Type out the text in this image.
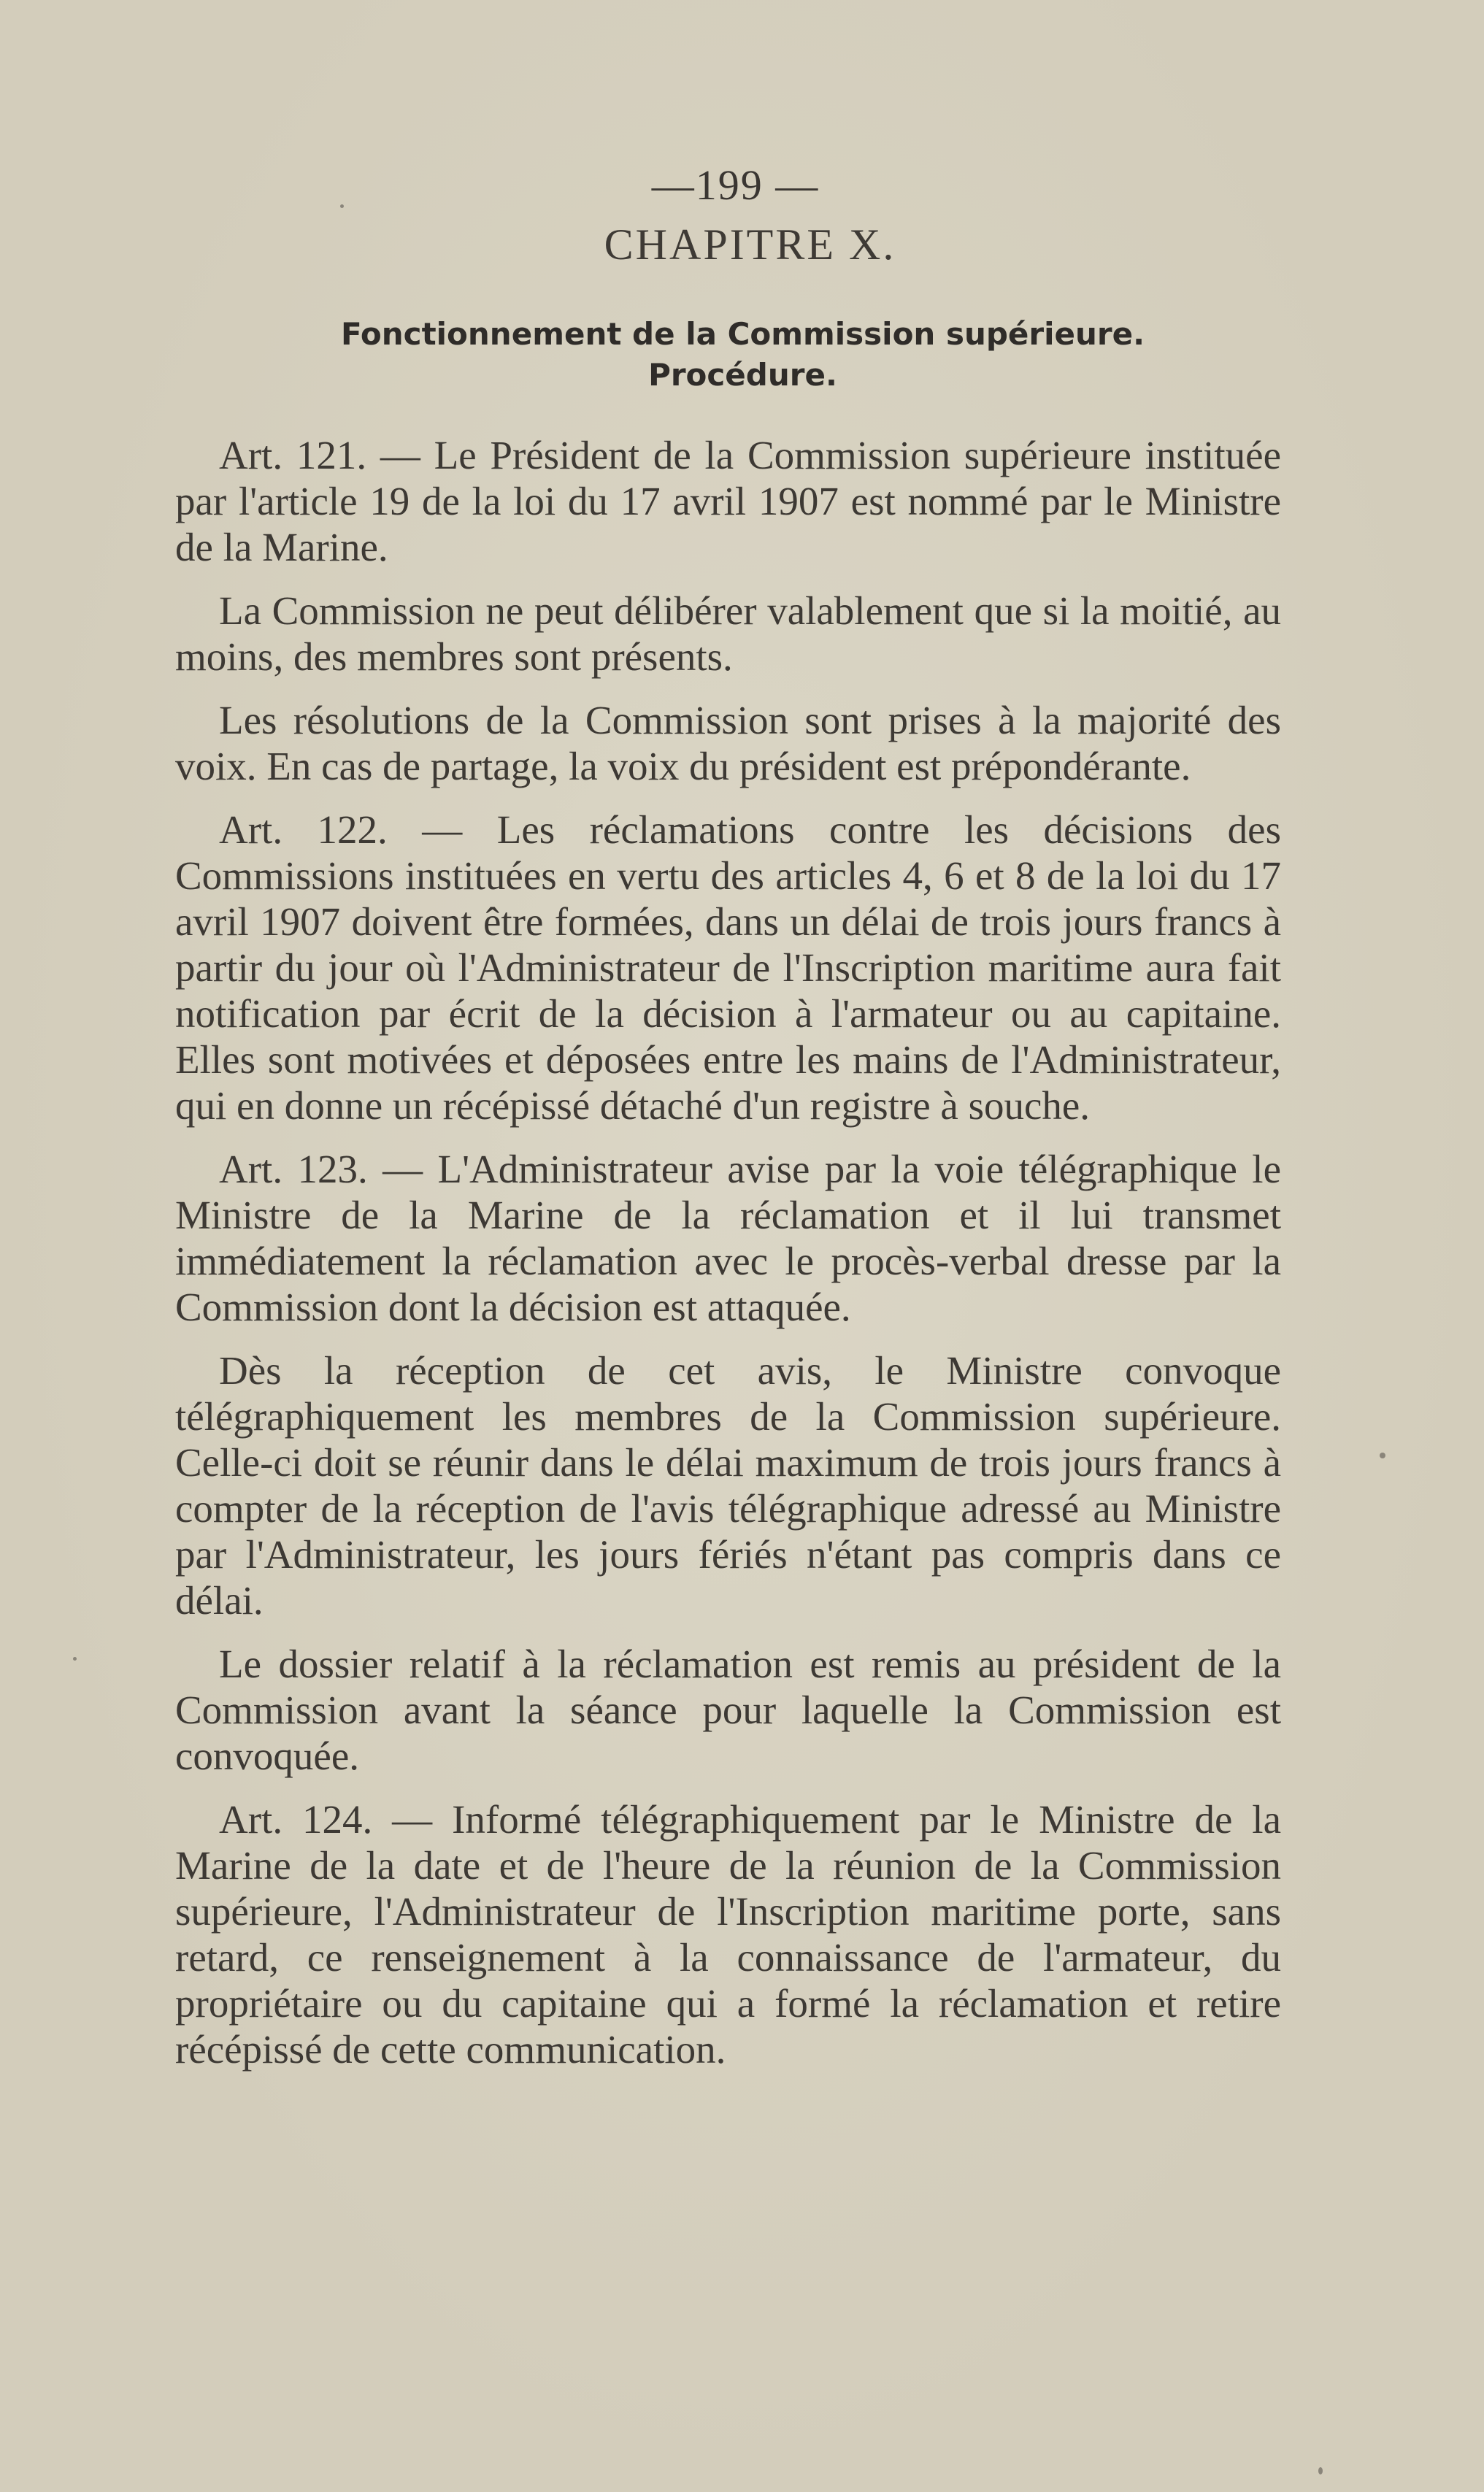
—199 —
CHAPITRE X.
Fonctionnement de la Commission supérieure.
Procédure.

Art. 121. — Le Président de la Commission supérieure instituée par l'article 19 de la loi du 17 avril 1907 est nommé par le Ministre de la Marine.

La Commission ne peut délibérer valablement que si la moitié, au moins, des membres sont présents.

Les résolutions de la Commission sont prises à la majorité des voix. En cas de partage, la voix du président est prépondérante.

Art. 122. — Les réclamations contre les décisions des Commissions instituées en vertu des articles 4, 6 et 8 de la loi du 17 avril 1907 doivent être formées, dans un délai de trois jours francs à partir du jour où l'Administrateur de l'Inscription maritime aura fait notification par écrit de la décision à l'armateur ou au capitaine. Elles sont motivées et déposées entre les mains de l'Administrateur, qui en donne un récépissé détaché d'un registre à souche.

Art. 123. — L'Administrateur avise par la voie télégraphique le Ministre de la Marine de la réclamation et il lui transmet immédiatement la réclamation avec le procès-verbal dresse par la Commission dont la décision est attaquée.

Dès la réception de cet avis, le Ministre convoque télégraphiquement les membres de la Commission supérieure. Celle-ci doit se réunir dans le délai maximum de trois jours francs à compter de la réception de l'avis télégraphique adressé au Ministre par l'Administrateur, les jours fériés n'étant pas compris dans ce délai.

Le dossier relatif à la réclamation est remis au président de la Commission avant la séance pour laquelle la Commission est convoquée.

Art. 124. — Informé télégraphiquement par le Ministre de la Marine de la date et de l'heure de la réunion de la Commission supérieure, l'Administrateur de l'Inscription maritime porte, sans retard, ce renseignement à la connaissance de l'armateur, du propriétaire ou du capitaine qui a formé la réclamation et retire récépissé de cette communication.
